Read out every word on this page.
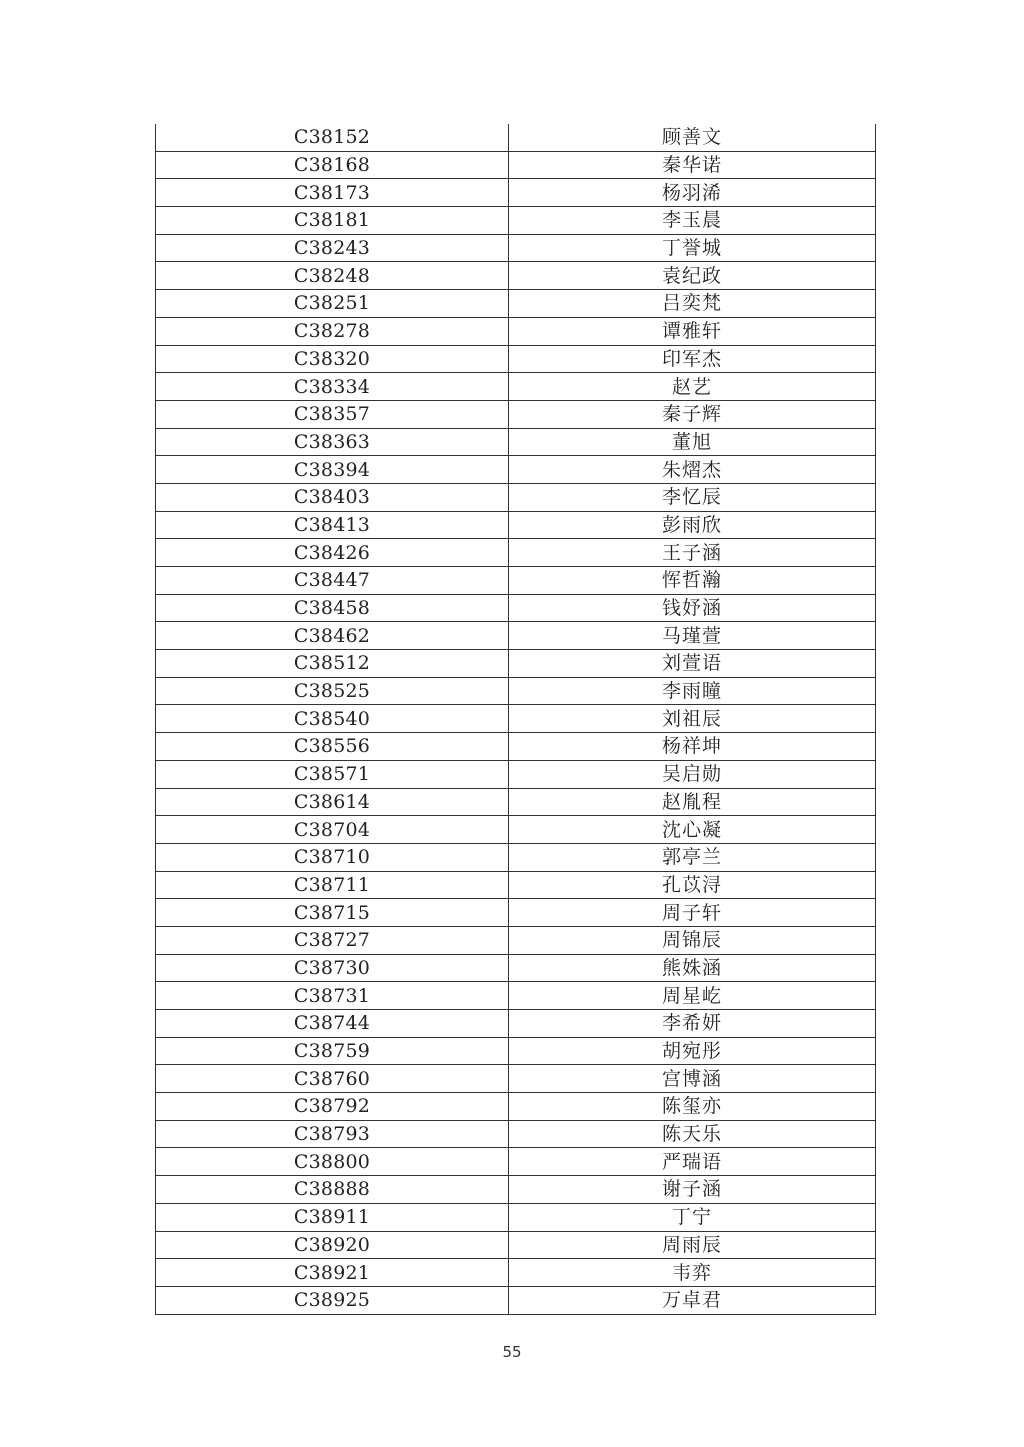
C38152	顾善文
C38168	秦华诺
C38173	杨羽浠
C38181	李玉晨
C38243	丁誉城
C38248	袁纪政
C38251	吕奕梵
C38278	谭雅轩
C38320	印军杰
C38334	赵艺
C38357	秦子辉
C38363	董旭
C38394	朱熠杰
C38403	李忆辰
C38413	彭雨欣
C38426	王子涵
C38447	恽哲瀚
C38458	钱妤涵
C38462	马瑾萱
C38512	刘萱语
C38525	李雨瞳
C38540	刘祖辰
C38556	杨祥坤
C38571	吴启勋
C38614	赵胤程
C38704	沈心凝
C38710	郭亭兰
C38711	孔苡浔
C38715	周子轩
C38727	周锦辰
C38730	熊姝涵
C38731	周星屹
C38744	李希妍
C38759	胡宛彤
C38760	宫博涵
C38792	陈玺亦
C38793	陈天乐
C38800	严瑞语
C38888	谢子涵
C38911	丁宁
C38920	周雨辰
C38921	韦弈
C38925	万卓君
55
